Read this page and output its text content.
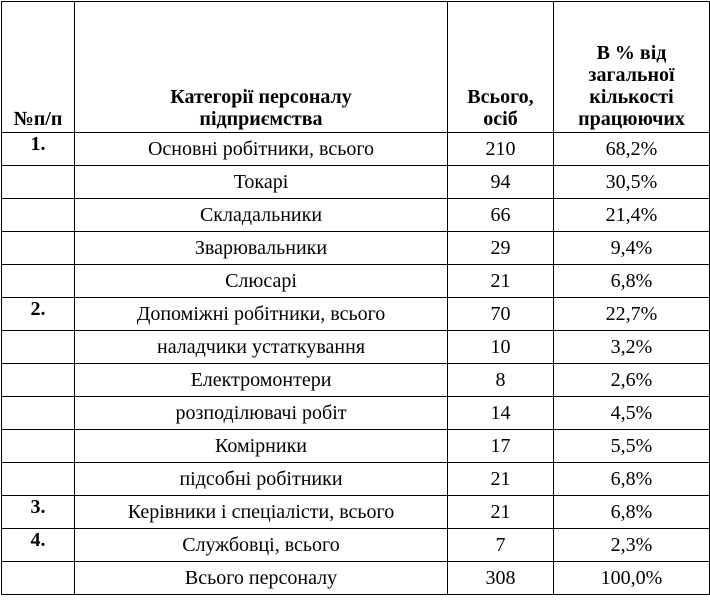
№п/п	Категорії персоналу підприємства	Всього, осіб	В % від загальної кількості працюючих
1.	Основні робітники, всього	210	68,2%
	Токарі	94	30,5%
	Складальники	66	21,4%
	Зварювальники	29	9,4%
	Слюсарі	21	6,8%
2.	Допоміжні робітники, всього	70	22,7%
	наладчики устаткування	10	3,2%
	Електромонтери	8	2,6%
	розподілювачі робіт	14	4,5%
	Комірники	17	5,5%
	підсобні робітники	21	6,8%
3.	Керівники і спеціалісти, всього	21	6,8%
4.	Службовці, всього	7	2,3%
	Всього персоналу	308	100,0%
